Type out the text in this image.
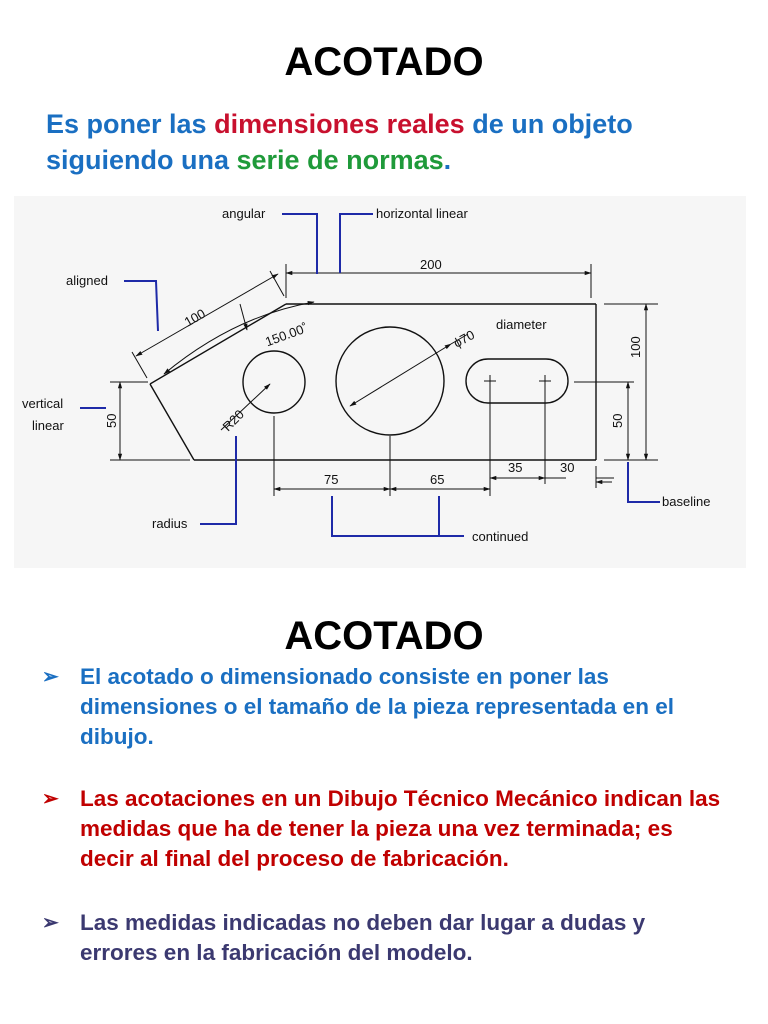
ACOTADO

Es poner las dimensiones reales de un objeto siguiendo una serie de normas.

angular	horizontal linear
aligned
vertical
linear
diameter
radius
continued
baseline
200
100
150.00˚	ϕ70	100
50
50	R20
75	65
35	30
ACOTADO
➢ El acotado o dimensionado consiste en poner las dimensiones o el tamaño de la pieza representada en el dibujo.
➢ Las acotaciones en un Dibujo Técnico Mecánico indican las medidas que ha de tener la pieza una vez terminada; es decir al final del proceso de fabricación.
➢ Las medidas indicadas no deben dar lugar a dudas y errores en la fabricación del modelo.
